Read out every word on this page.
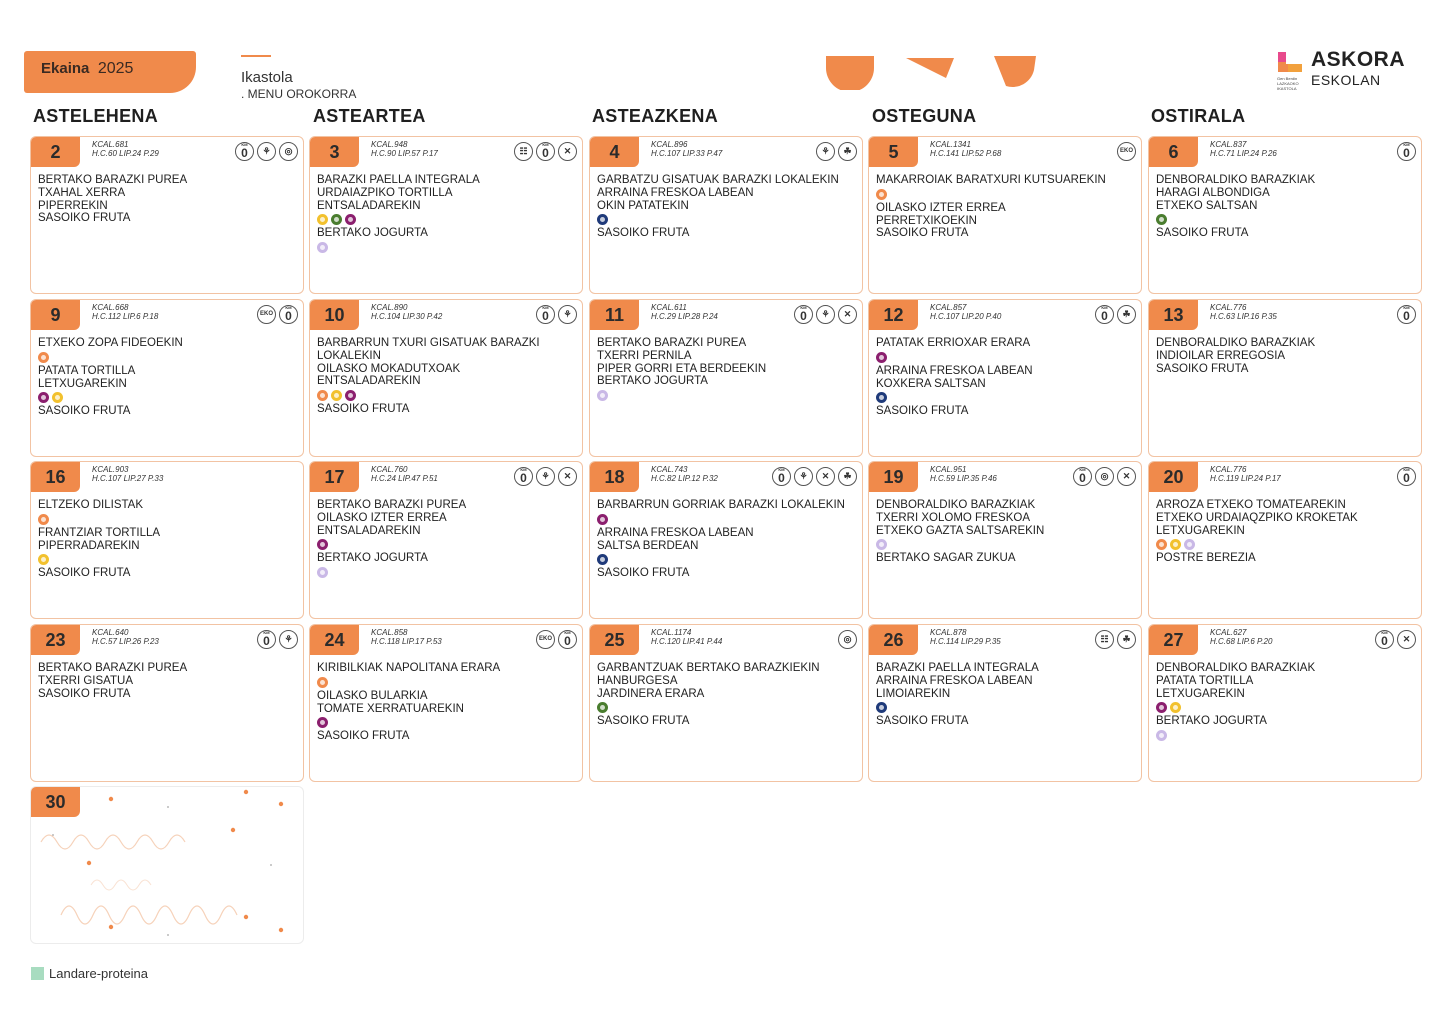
Ekaina 2025
Ikastola
. MENU OROKORRA
Gen Berdin LAZKAOKO IKASTOLA
ASKORA
ESKOLAN
ASTELEHENA	ASTEARTEA	ASTEAZKENA	OSTEGUNA	OSTIRALA
2	KCAL.681
H.C.60 LIP.24 P.29	KM 0	⚘	◎
BERTAKO BARAZKI PUREA
TXAHAL XERRA
PIPERREKIN
SASOIKO FRUTA
3	KCAL.948
H.C.90 LIP.57 P.17	☷	KM 0	✕
BARAZKI PAELLA INTEGRALA
URDAIAZPIKO TORTILLA
ENTSALADAREKIN
BERTAKO JOGURTA
4	KCAL.896
H.C.107 LIP.33 P.47	⚘	☘
GARBATZU GISATUAK BARAZKI LOKALEKIN
ARRAINA FRESKOA LABEAN
OKIN PATATEKIN
SASOIKO FRUTA
5	KCAL.1341
H.C.141 LIP.52 P.68	EKO
MAKARROIAK BARATXURI KUTSUAREKIN
OILASKO IZTER ERREA
PERRETXIKOEKIN
SASOIKO FRUTA
6	KCAL.837
H.C.71 LIP.24 P.26	KM 0
DENBORALDIKO BARAZKIAK
HARAGI ALBONDIGA
ETXEKO SALTSAN
SASOIKO FRUTA
9	KCAL.668
H.C.112 LIP.6 P.18	EKO	KM 0
ETXEKO ZOPA FIDEOEKIN
PATATA TORTILLA
LETXUGAREKIN
SASOIKO FRUTA
10	KCAL.890
H.C.104 LIP.30 P.42	KM 0	⚘
BARBARRUN TXURI GISATUAK BARAZKI
LOKALEKIN
OILASKO MOKADUTXOAK
ENTSALADAREKIN
SASOIKO FRUTA
11	KCAL.611
H.C.29 LIP.28 P.24	KM 0	⚘	✕
BERTAKO BARAZKI PUREA
TXERRI PERNILA
PIPER GORRI ETA BERDEEKIN
BERTAKO JOGURTA
12	KCAL.857
H.C.107 LIP.20 P.40	KM 0	☘
PATATAK ERRIOXAR ERARA
ARRAINA FRESKOA LABEAN
KOXKERA SALTSAN
SASOIKO FRUTA
13	KCAL.776
H.C.63 LIP.16 P.35	KM 0
DENBORALDIKO BARAZKIAK
INDIOILAR ERREGOSIA
SASOIKO FRUTA
16	KCAL.903
H.C.107 LIP.27 P.33
ELTZEKO DILISTAK
FRANTZIAR TORTILLA
PIPERRADAREKIN
SASOIKO FRUTA
17	KCAL.760
H.C.24 LIP.47 P.51	KM 0	⚘	✕
BERTAKO BARAZKI PUREA
OILASKO IZTER ERREA
ENTSALADAREKIN
BERTAKO JOGURTA
18	KCAL.743
H.C.82 LIP.12 P.32	KM 0	⚘	✕	☘
BARBARRUN GORRIAK BARAZKI LOKALEKIN
ARRAINA FRESKOA LABEAN
SALTSA BERDEAN
SASOIKO FRUTA
19	KCAL.951
H.C.59 LIP.35 P.46	KM 0	◎	✕
DENBORALDIKO BARAZKIAK
TXERRI XOLOMO FRESKOA
ETXEKO GAZTA SALTSAREKIN
BERTAKO SAGAR ZUKUA
20	KCAL.776
H.C.119 LIP.24 P.17	KM 0
ARROZA ETXEKO TOMATEAREKIN
ETXEKO URDAIAQZPIKO KROKETAK
LETXUGAREKIN
POSTRE BEREZIA
23	KCAL.640
H.C.57 LIP.26 P.23	KM 0	⚘
BERTAKO BARAZKI PUREA
TXERRI GISATUA
SASOIKO FRUTA
24	KCAL.858
H.C.118 LIP.17 P.53	EKO	KM 0
KIRIBILKIAK NAPOLITANA ERARA
OILASKO BULARKIA
TOMATE XERRATUAREKIN
SASOIKO FRUTA
25	KCAL.1174
H.C.120 LIP.41 P.44	◎
GARBANTZUAK BERTAKO BARAZKIEKIN
HANBURGESA
JARDINERA ERARA
SASOIKO FRUTA
26	KCAL.878
H.C.114 LIP.29 P.35	☷	☘
BARAZKI PAELLA INTEGRALA
ARRAINA FRESKOA LABEAN
LIMOIAREKIN
SASOIKO FRUTA
27	KCAL.627
H.C.68 LIP.6 P.20	KM 0	✕
DENBORALDIKO BARAZKIAK
PATATA TORTILLA
LETXUGAREKIN
BERTAKO JOGURTA
30
Landare-proteina
